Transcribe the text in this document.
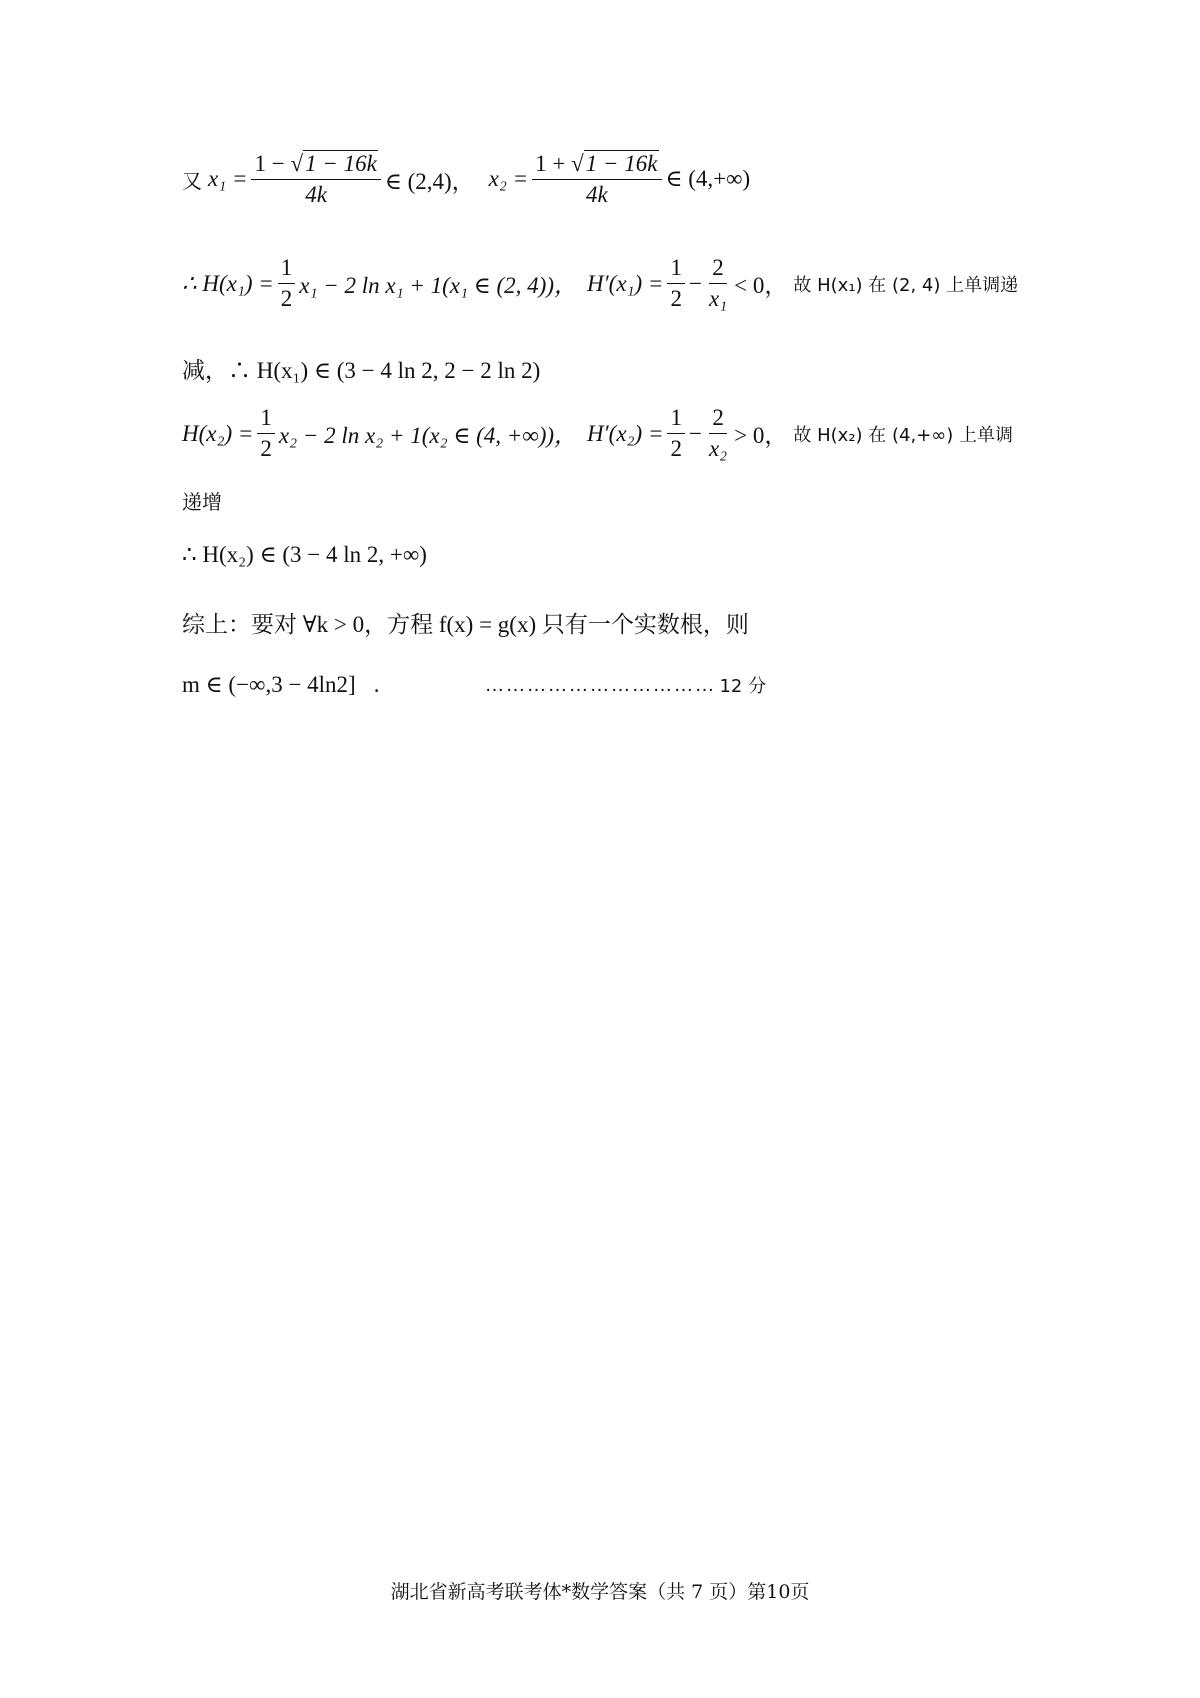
又 $x_1 = \frac{1 - √ 1 - 16k}{4k}$ ∈ (2,4)， $x_2 = \frac{1 + √ 1 - 16k}{4k}$ ∈ (4,+∞)
∴ $H(x_1) = \frac{1}{2} x_1 - 2$ ln x₁ + 1(x₁ ∈ (2, 4))， $H'(x_1) = \frac{1}{2} - \frac{2}{\text{x₁}} < 0$， 故 H(x₁) 在 (2, 4) 上单调递
减，∴ H(x₁) ∈ (3 − 4 ln 2, 2 − 2 ln 2)
$H(x_2) = \frac{1}{2} x_2 - 2$ ln x₂ + 1(x₂ ∈ (4, +∞))， $H'(x_2) = \frac{1}{2} - \frac{2}{\text{x₂}} > 0$， 故 H(x₂) 在 (4,+∞) 上单调
递增
∴ H(x₂) ∈ (3 − 4 ln 2, +∞)
综上：要对 ∀k > 0，方程 f(x) = g(x) 只有一个实数根，则
m ∈ (−∞,3 − 4ln2] .	…………………………… 12 分
湖北省新高考联考体*数学答案（共 7 页）第10页
